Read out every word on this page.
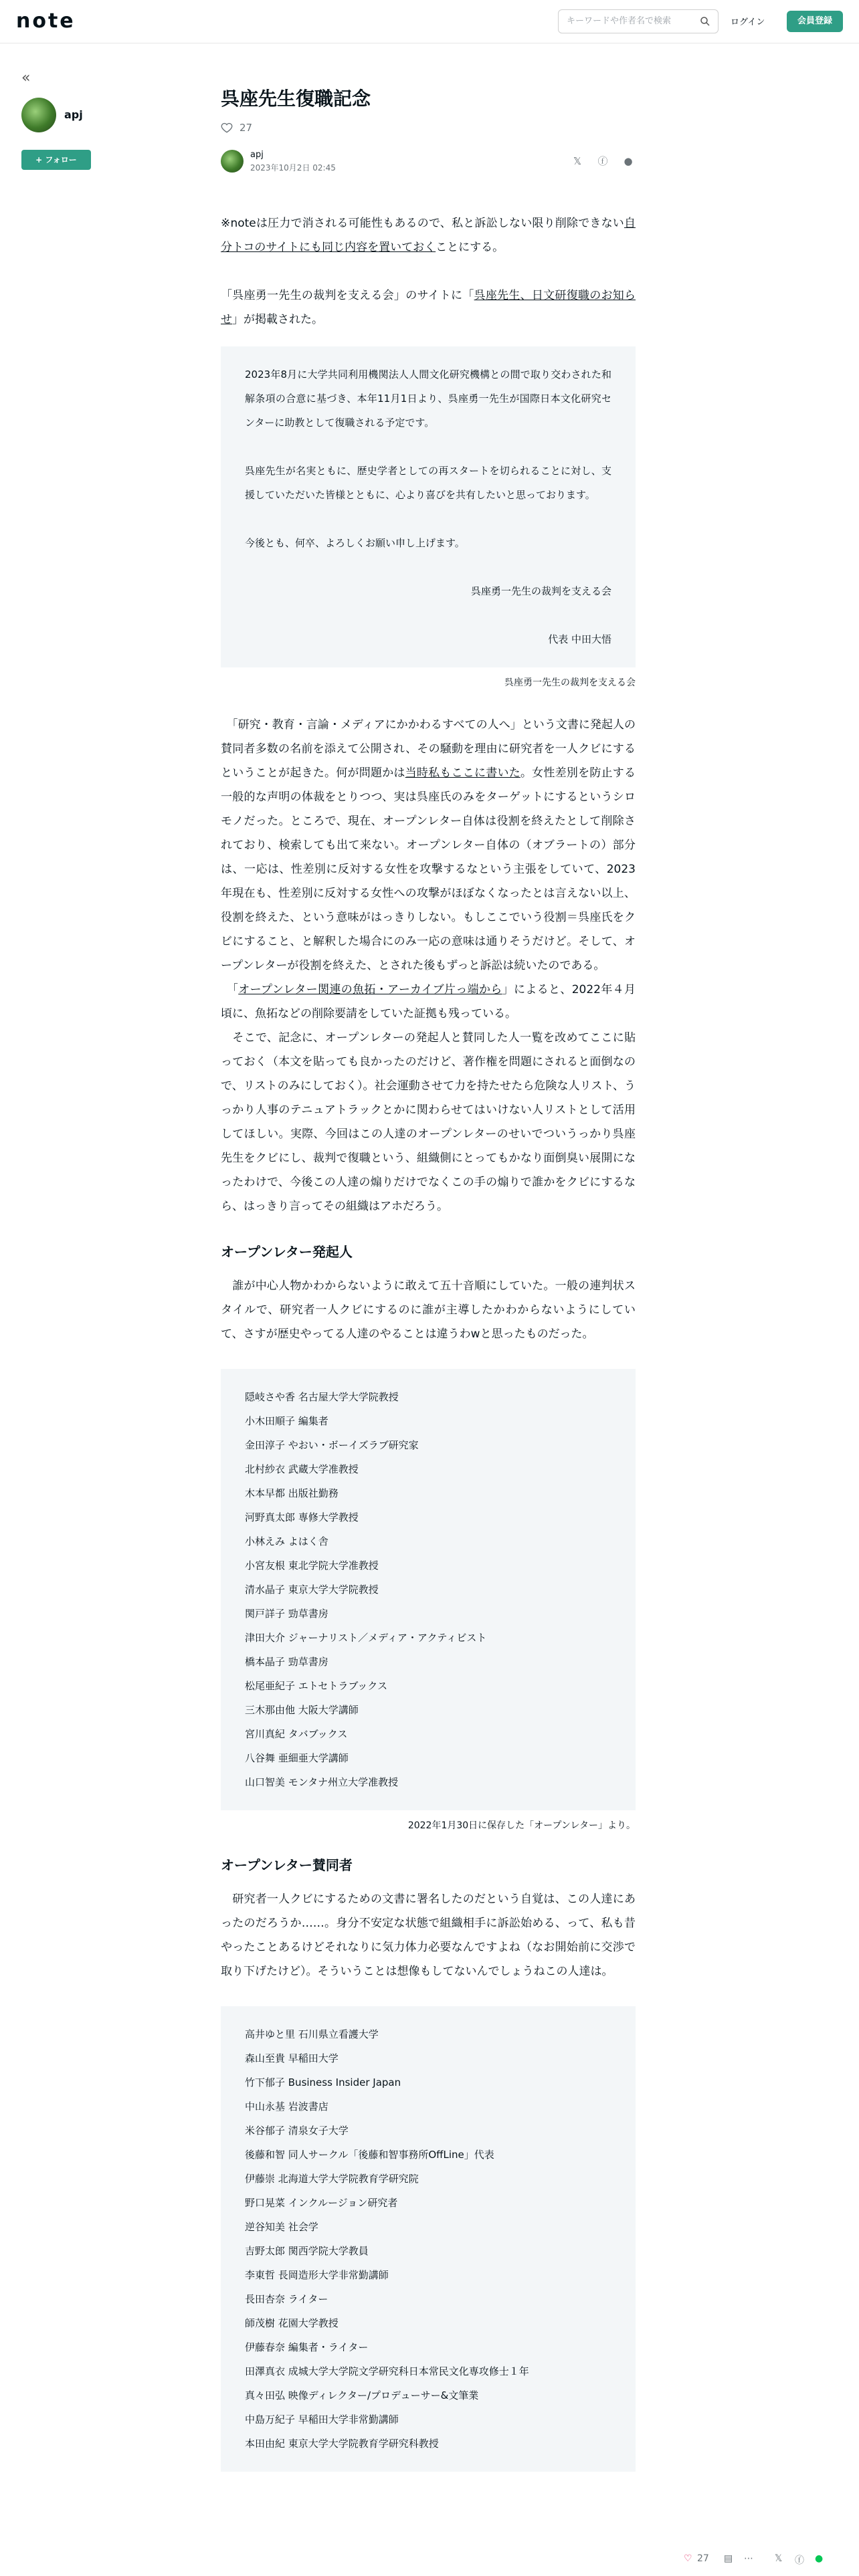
note
キーワードや作者名で検索	ログイン	会員登録
«
apj
+ フォロー
呉座先生復職記念
27
apj
2023年10月2日 02:45
𝕏	ⓕ ●

※noteは圧力で消される可能性もあるので、私と訴訟しない限り削除できない自分トコのサイトにも同じ内容を置いておくことにする。

「呉座勇一先生の裁判を支える会」のサイトに「呉座先生、日文研復職のお知らせ」が掲載された。

2023年8月に大学共同利用機関法人人間文化研究機構との間で取り交わされた和解条項の合意に基づき、本年11月1日より、呉座勇一先生が国際日本文化研究センターに助教として復職される予定です。

呉座先生が名実ともに、歴史学者としての再スタートを切られることに対し、支援していただいた皆様とともに、心より喜びを共有したいと思っております。

今後とも、何卒、よろしくお願い申し上げます。

呉座勇一先生の裁判を支える会

代表 中田大悟

呉座勇一先生の裁判を支える会

　「研究・教育・言論・メディアにかかわるすべての人へ」という文書に発起人の賛同者多数の名前を添えて公開され、その騒動を理由に研究者を一人クビにするということが起きた。何が問題かは当時私もここに書いた。女性差別を防止する一般的な声明の体裁をとりつつ、実は呉座氏のみをターゲットにするというシロモノだった。ところで、現在、オープンレター自体は役割を終えたとして削除されており、検索しても出て来ない。オープンレター自体の（オブラートの）部分は、一応は、性差別に反対する女性を攻撃するなという主張をしていて、2023年現在も、性差別に反対する女性への攻撃がほぼなくなったとは言えない以上、役割を終えた、という意味がはっきりしない。もしここでいう役割＝呉座氏をクビにすること、と解釈した場合にのみ一応の意味は通りそうだけど。そして、オープンレターが役割を終えた、とされた後もずっと訴訟は続いたのである。

　「オープンレター関連の魚拓・アーカイブ片っ端から」によると、2022年４月頃に、魚拓などの削除要請をしていた証拠も残っている。

　そこで、記念に、オープンレターの発起人と賛同した人一覧を改めてここに貼っておく（本文を貼っても良かったのだけど、著作権を問題にされると面倒なので、リストのみにしておく）。社会運動させて力を持たせたら危険な人リスト、うっかり人事のテニュアトラックとかに関わらせてはいけない人リストとして活用してほしい。実際、今回はこの人達のオープンレターのせいでついうっかり呉座先生をクビにし、裁判で復職という、組織側にとってもかなり面倒臭い展開になったわけで、今後この人達の煽りだけでなくこの手の煽りで誰かをクビにするなら、はっきり言ってその組織はアホだろう。

オープンレター発起人

　誰が中心人物かわからないように敢えて五十音順にしていた。一般の連判状スタイルで、研究者一人クビにするのに誰が主導したかわからないようにしていて、さすが歴史やってる人達のやることは違うわwと思ったものだった。

隠岐さや香 名古屋大学大学院教授
小木田順子 編集者
金田淳子 やおい・ボーイズラブ研究家
北村紗衣 武蔵大学准教授
木本早都 出版社勤務
河野真太郎 専修大学教授
小林えみ よはく舎
小宮友根 東北学院大学准教授
清水晶子 東京大学大学院教授
関戸詳子 勁草書房
津田大介 ジャーナリスト／メディア・アクティビスト
橋本晶子 勁草書房
松尾亜紀子 エトセトラブックス
三木那由他 大阪大学講師
宮川真紀 タバブックス
八谷舞 亜細亜大学講師
山口智美 モンタナ州立大学准教授
2022年1月30日に保存した「オープンレター」より。
オープンレター賛同者

　研究者一人クビにするための文書に署名したのだという自覚は、この人達にあったのだろうか……。身分不安定な状態で組織相手に訴訟始める、って、私も昔やったことあるけどそれなりに気力体力必要なんですよね（なお開始前に交渉で取り下げたけど）。そういうことは想像もしてないんでしょうねこの人達は。

高井ゆと里 石川県立看護大学
森山至貴 早稲田大学
竹下郁子 Business Insider Japan
中山永基 岩波書店
米谷郁子 清泉女子大学
後藤和智 同人サークル「後藤和智事務所OffLine」代表
伊藤崇 北海道大学大学院教育学研究院
野口晃菜 インクルージョン研究者
逆谷知美 社会学
吉野太郎 関西学院大学教員
李東哲 長岡造形大学非常勤講師
長田杏奈 ライター
師茂樹 花園大学教授
伊藤春奈 編集者・ライター
田澤真衣 成城大学大学院文学研究科日本常民文化専攻修士１年
真々田弘 映像ディレクター/プロデューサー&文筆業
中島万紀子 早稲田大学非常勤講師
本田由紀 東京大学大学院教育学研究科教授
♡ 27 ▤ ⋯ 𝕏 ⓕ ●
